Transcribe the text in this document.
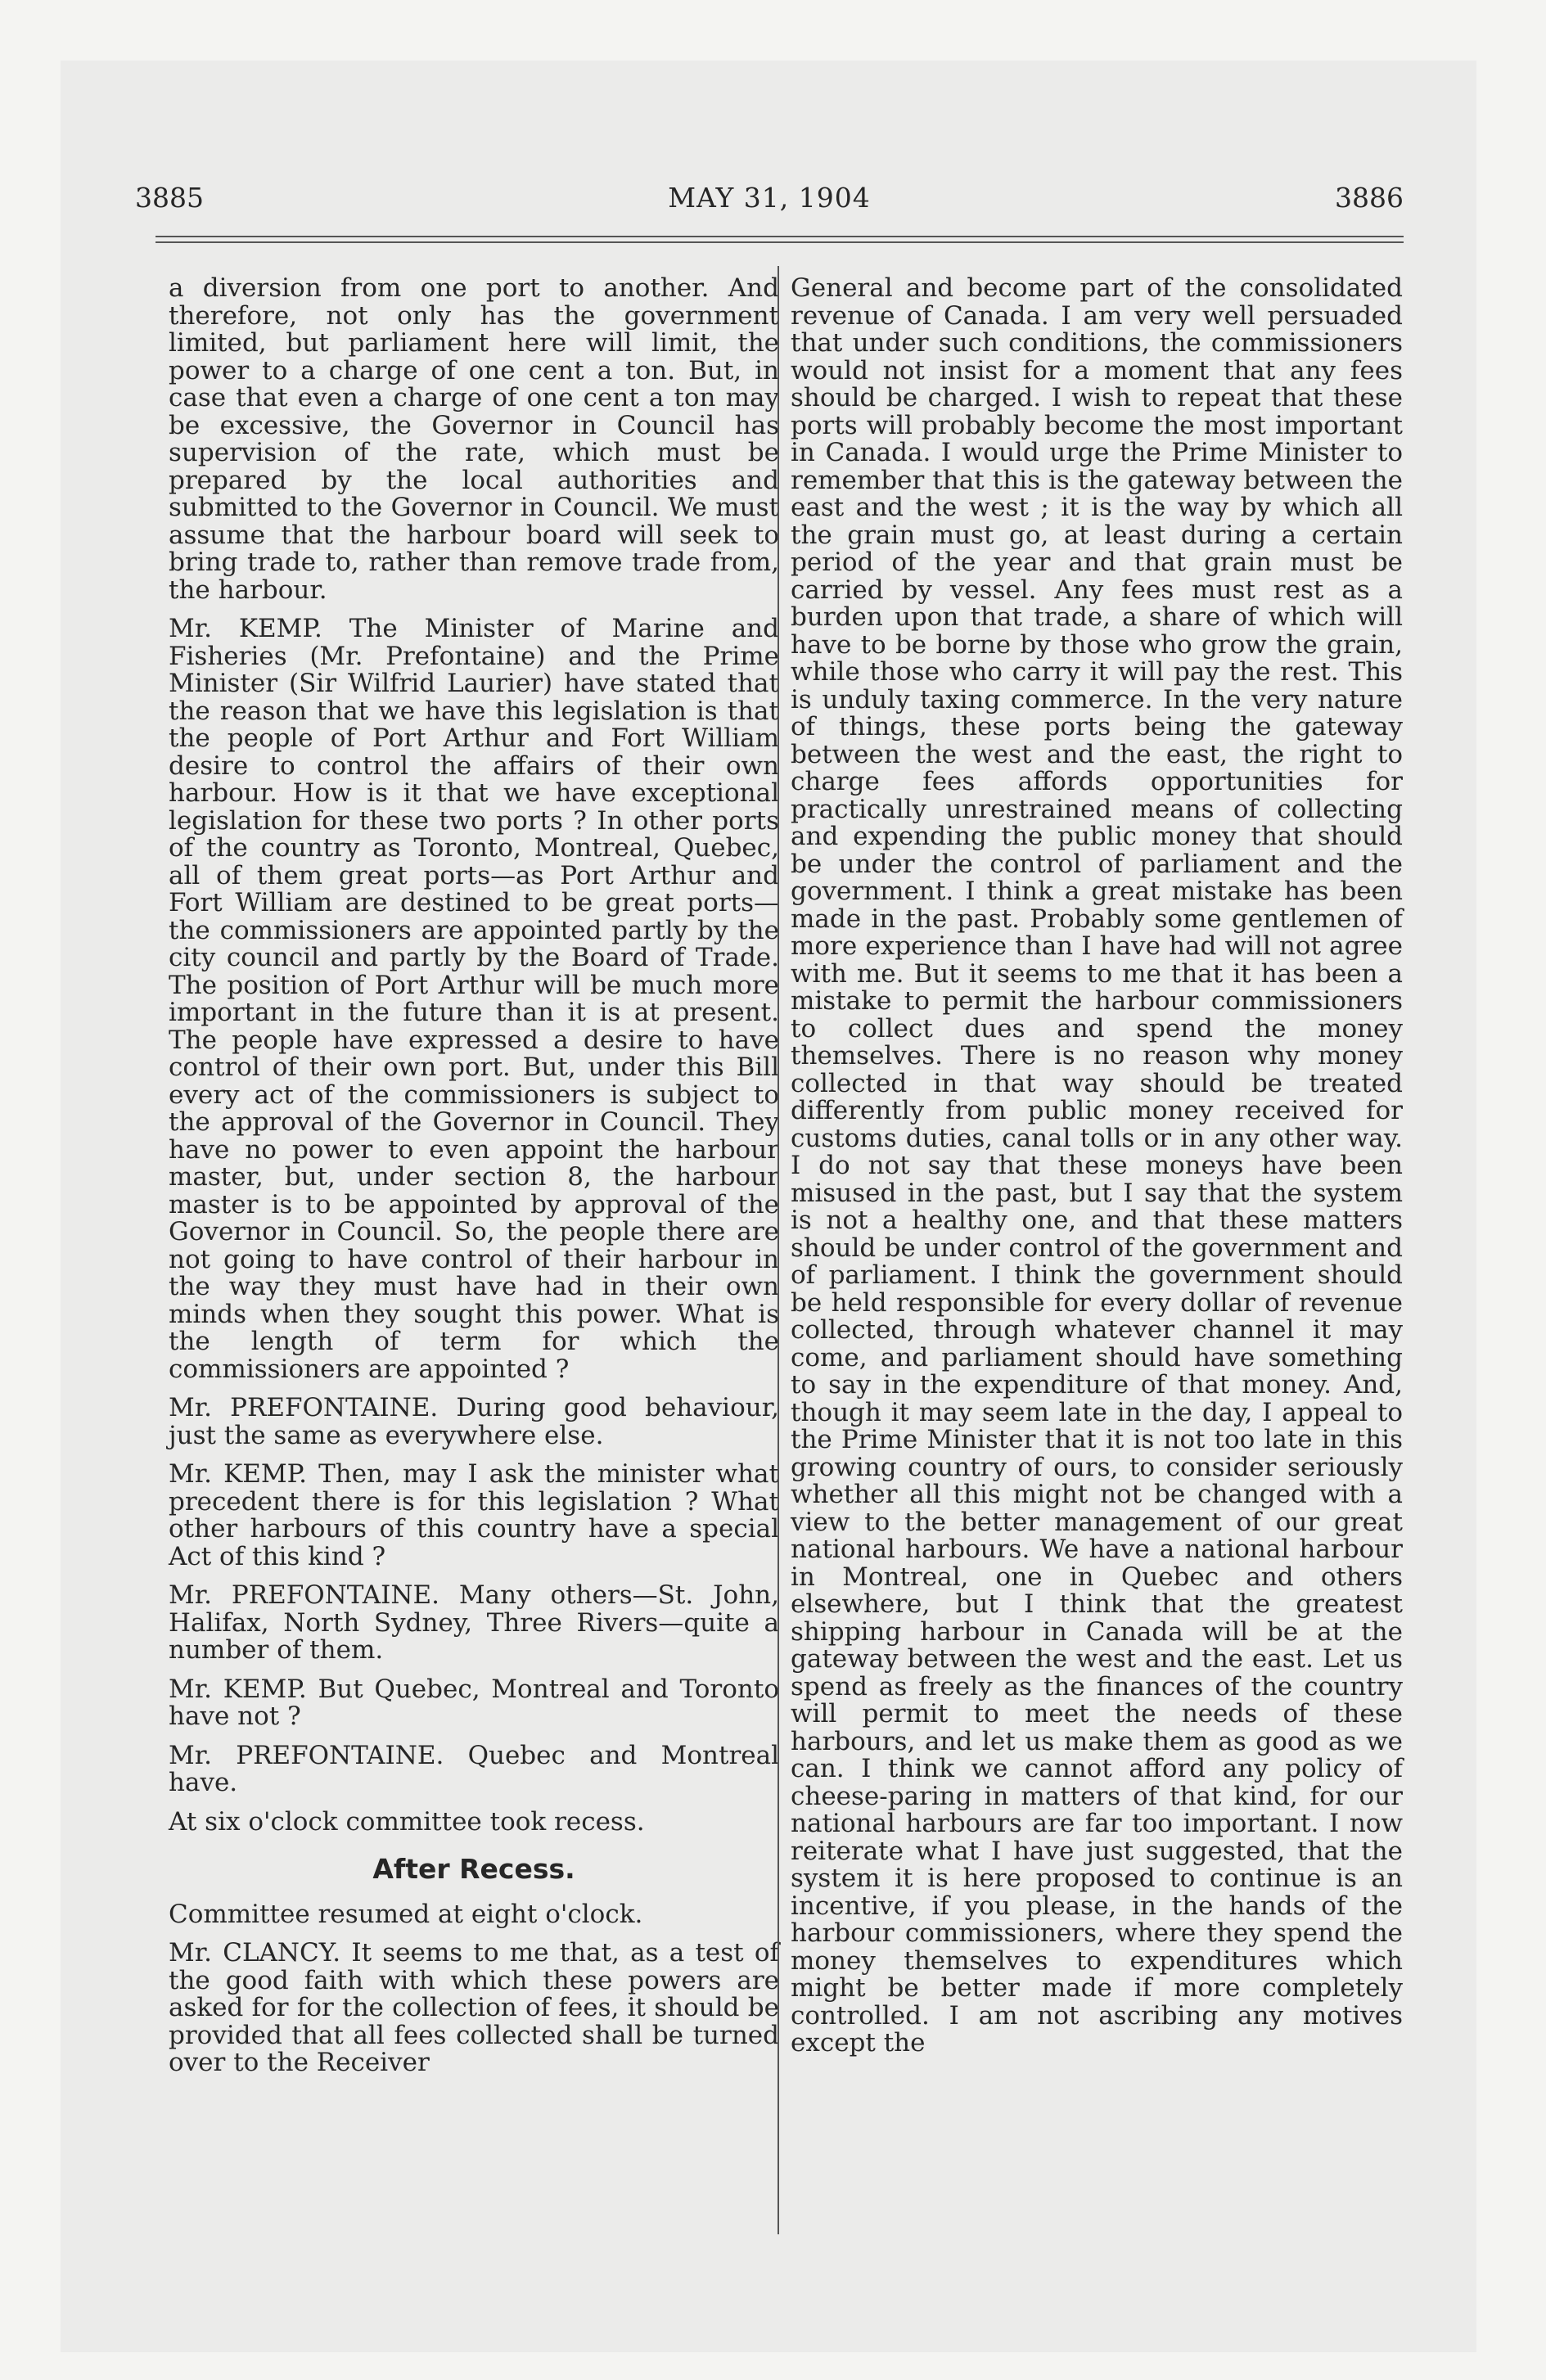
3885	MAY 31, 1904	3886

a diversion from one port to another. And therefore, not only has the government limited, but parliament here will limit, the power to a charge of one cent a ton. But, in case that even a charge of one cent a ton may be excessive, the Governor in Council has supervision of the rate, which must be prepared by the local authorities and submitted to the Governor in Council. We must assume that the harbour board will seek to bring trade to, rather than remove trade from, the harbour.

Mr. KEMP. The Minister of Marine and Fisheries (Mr. Prefontaine) and the Prime Minister (Sir Wilfrid Laurier) have stated that the reason that we have this legislation is that the people of Port Arthur and Fort William desire to control the affairs of their own harbour. How is it that we have exceptional legislation for these two ports ? In other ports of the country as Toronto, Montreal, Quebec, all of them great ports—as Port Arthur and Fort William are destined to be great ports—the commissioners are appointed partly by the city council and partly by the Board of Trade. The position of Port Arthur will be much more important in the future than it is at present. The people have expressed a desire to have control of their own port. But, under this Bill every act of the commissioners is subject to the approval of the Governor in Council. They have no power to even appoint the harbour master, but, under section 8, the harbour master is to be appointed by approval of the Governor in Council. So, the people there are not going to have control of their harbour in the way they must have had in their own minds when they sought this power. What is the length of term for which the commissioners are appointed ?

Mr. PREFONTAINE. During good behaviour, just the same as everywhere else.

Mr. KEMP. Then, may I ask the minister what precedent there is for this legislation ? What other harbours of this country have a special Act of this kind ?

Mr. PREFONTAINE. Many others—St. John, Halifax, North Sydney, Three Rivers—quite a number of them.

Mr. KEMP. But Quebec, Montreal and Toronto have not ?

Mr. PREFONTAINE. Quebec and Montreal have.

At six o'clock committee took recess.

After Recess.

Committee resumed at eight o'clock.

Mr. CLANCY. It seems to me that, as a test of the good faith with which these powers are asked for for the collection of fees, it should be provided that all fees collected shall be turned over to the Receiver

General and become part of the consolidated revenue of Canada. I am very well persuaded that under such conditions, the commissioners would not insist for a moment that any fees should be charged. I wish to repeat that these ports will probably become the most important in Canada. I would urge the Prime Minister to remember that this is the gateway between the east and the west ; it is the way by which all the grain must go, at least during a certain period of the year and that grain must be carried by vessel. Any fees must rest as a burden upon that trade, a share of which will have to be borne by those who grow the grain, while those who carry it will pay the rest. This is unduly taxing commerce. In the very nature of things, these ports being the gateway between the west and the east, the right to charge fees affords opportunities for practically unrestrained means of collecting and expending the public money that should be under the control of parliament and the government. I think a great mistake has been made in the past. Probably some gentlemen of more experience than I have had will not agree with me. But it seems to me that it has been a mistake to permit the harbour commissioners to collect dues and spend the money themselves. There is no reason why money collected in that way should be treated differently from public money received for customs duties, canal tolls or in any other way. I do not say that these moneys have been misused in the past, but I say that the system is not a healthy one, and that these matters should be under control of the government and of parliament. I think the government should be held responsible for every dollar of revenue collected, through whatever channel it may come, and parliament should have something to say in the expenditure of that money. And, though it may seem late in the day, I appeal to the Prime Minister that it is not too late in this growing country of ours, to consider seriously whether all this might not be changed with a view to the better management of our great national harbours. We have a national harbour in Montreal, one in Quebec and others elsewhere, but I think that the greatest shipping harbour in Canada will be at the gateway between the west and the east. Let us spend as freely as the finances of the country will permit to meet the needs of these harbours, and let us make them as good as we can. I think we cannot afford any policy of cheese-paring in matters of that kind, for our national harbours are far too important. I now reiterate what I have just suggested, that the system it is here proposed to continue is an incentive, if you please, in the hands of the harbour commissioners, where they spend the money themselves to expenditures which might be better made if more completely controlled. I am not ascribing any motives except the
